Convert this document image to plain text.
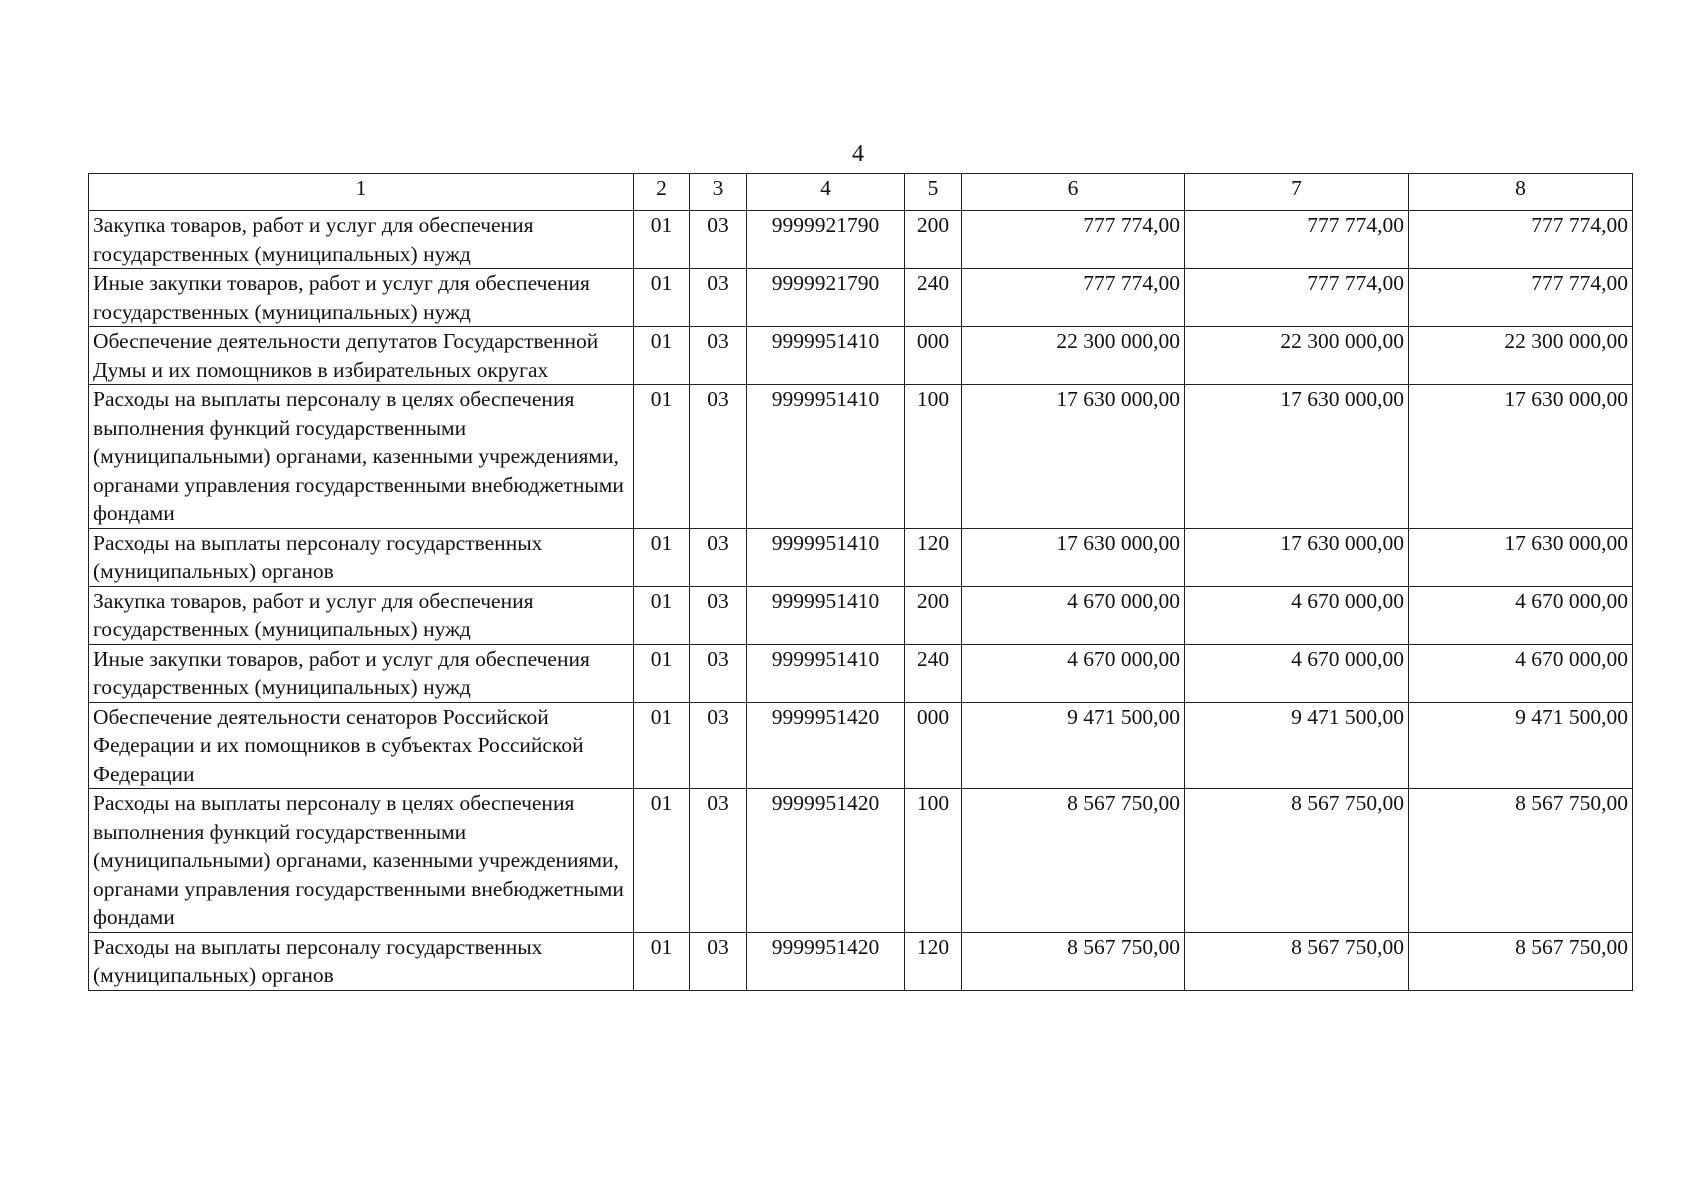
4
1	2	3	4	5	6	7	8
Закупка товаров, работ и услуг для обеспечения государственных (муниципальных) нужд	01	03	9999921790	200	777 774,00	777 774,00	777 774,00
Иные закупки товаров, работ и услуг для обеспечения государственных (муниципальных) нужд	01	03	9999921790	240	777 774,00	777 774,00	777 774,00
Обеспечение деятельности депутатов Государственной Думы и их помощников в избирательных округах	01	03	9999951410	000	22 300 000,00	22 300 000,00	22 300 000,00
Расходы на выплаты персоналу в целях обеспечения выполнения функций государственными (муниципальными) органами, казенными учреждениями, органами управления государственными внебюджетными фондами	01	03	9999951410	100	17 630 000,00	17 630 000,00	17 630 000,00
Расходы на выплаты персоналу государственных (муниципальных) органов	01	03	9999951410	120	17 630 000,00	17 630 000,00	17 630 000,00
Закупка товаров, работ и услуг для обеспечения государственных (муниципальных) нужд	01	03	9999951410	200	4 670 000,00	4 670 000,00	4 670 000,00
Иные закупки товаров, работ и услуг для обеспечения государственных (муниципальных) нужд	01	03	9999951410	240	4 670 000,00	4 670 000,00	4 670 000,00
Обеспечение деятельности сенаторов Российской Федерации и их помощников в субъектах Российской Федерации	01	03	9999951420	000	9 471 500,00	9 471 500,00	9 471 500,00
Расходы на выплаты персоналу в целях обеспечения выполнения функций государственными (муниципальными) органами, казенными учреждениями, органами управления государственными внебюджетными фондами	01	03	9999951420	100	8 567 750,00	8 567 750,00	8 567 750,00
Расходы на выплаты персоналу государственных (муниципальных) органов	01	03	9999951420	120	8 567 750,00	8 567 750,00	8 567 750,00
